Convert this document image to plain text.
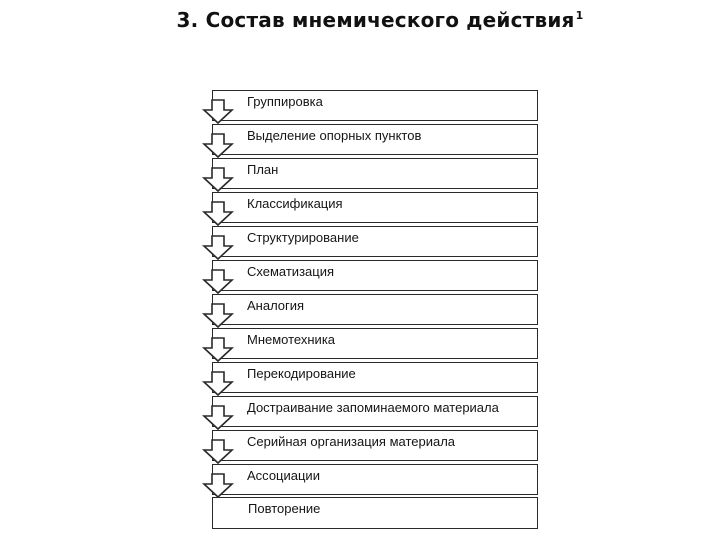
3. Состав мнемического действия$^1$
Группировка
Выделение опорных пунктов
План
Классификация
Структурирование
Схематизация
Аналогия
Мнемотехника
Перекодирование
Достраивание запоминаемого материала
Серийная организация материала
Ассоциации
Повторение
